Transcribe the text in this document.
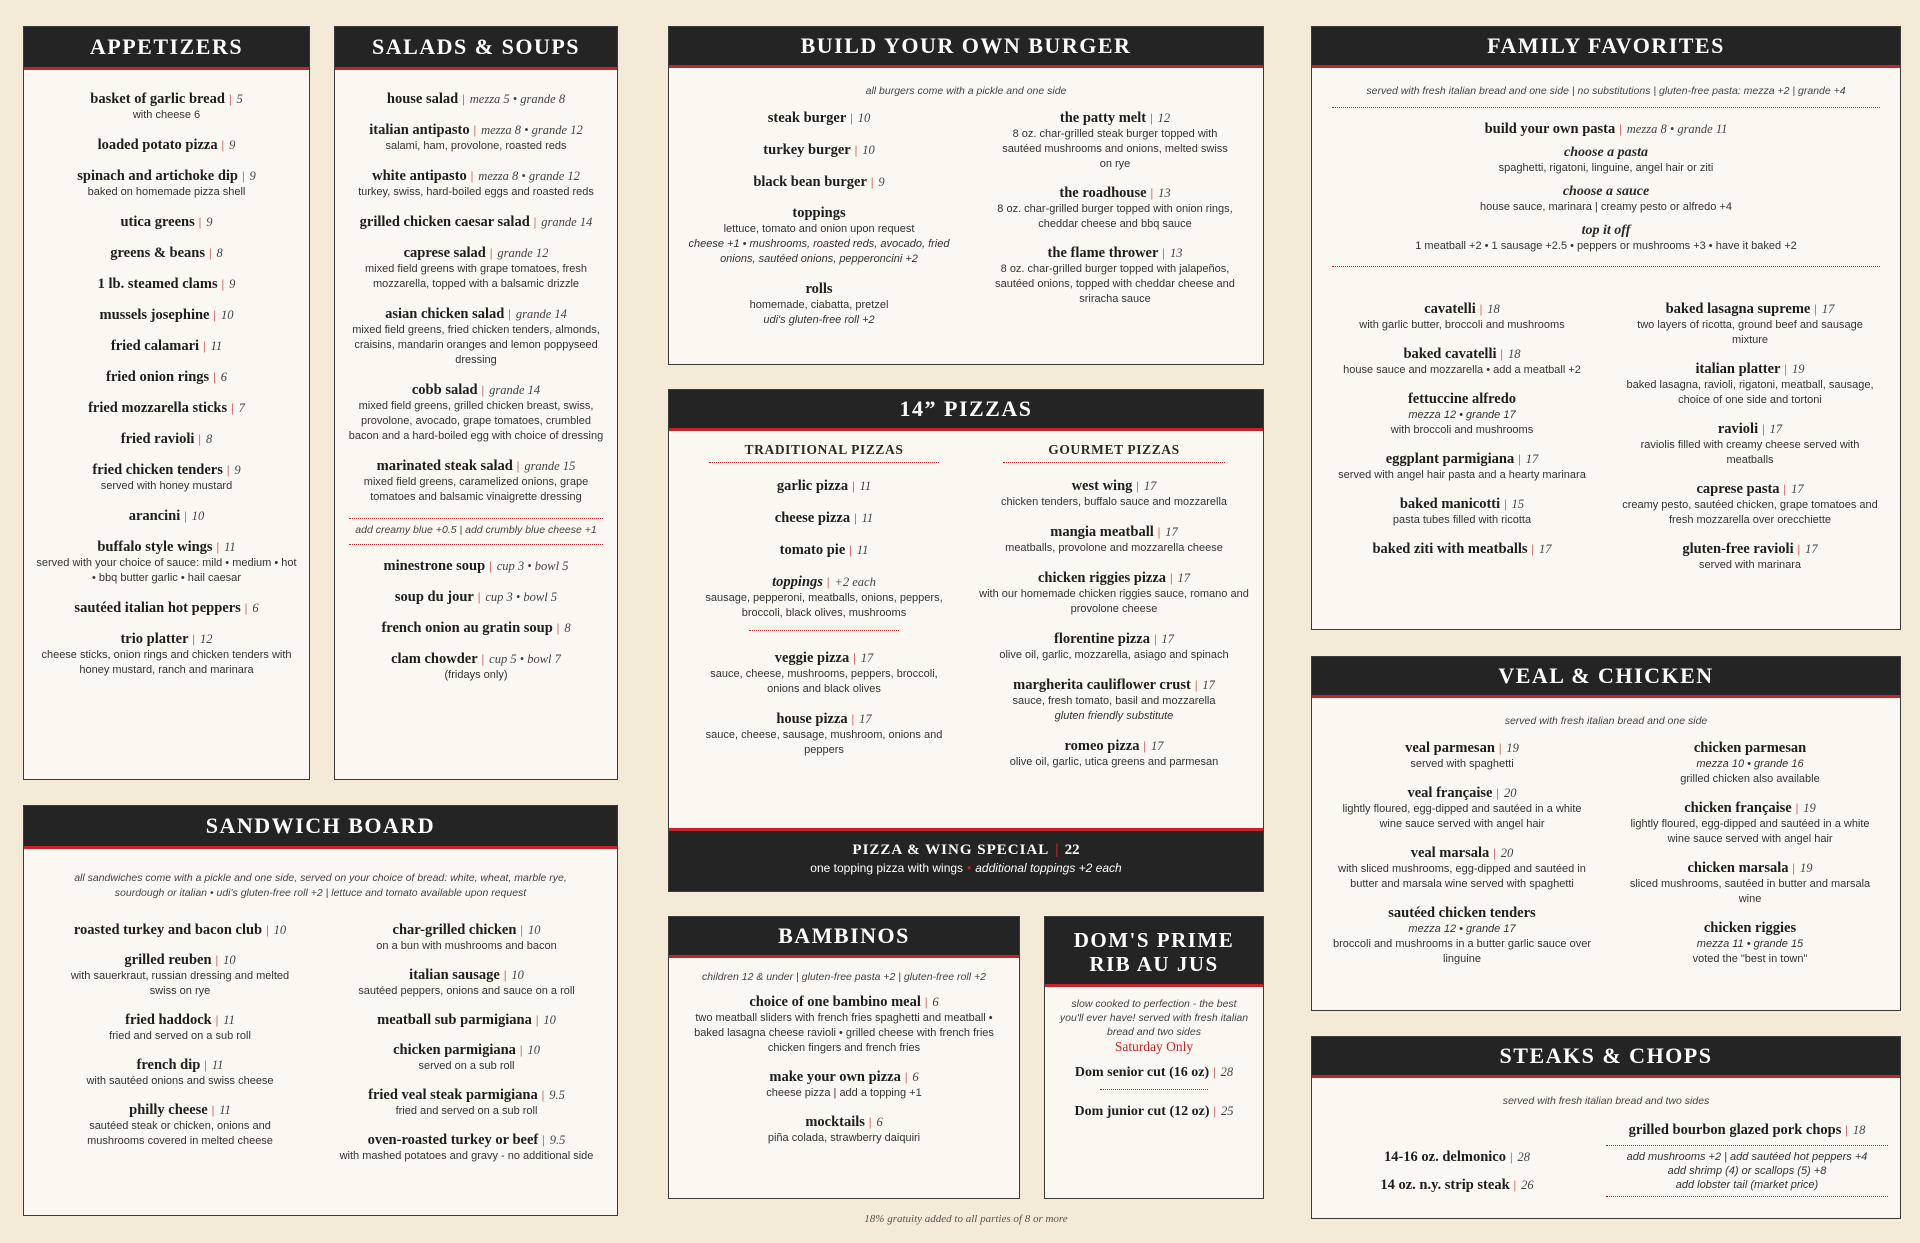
APPETIZERS
basket of garlic bread | 5
with cheese 6
loaded potato pizza | 9
spinach and artichoke dip | 9
baked on homemade pizza shell
utica greens | 9
greens & beans | 8
1 lb. steamed clams | 9
mussels josephine | 10
fried calamari | 11
fried onion rings | 6
fried mozzarella sticks | 7
fried ravioli | 8
fried chicken tenders | 9
served with honey mustard
arancini | 10
buffalo style wings | 11
served with your choice of sauce: mild • medium • hot • bbq butter garlic • hail caesar
sautéed italian hot peppers | 6
trio platter | 12
cheese sticks, onion rings and chicken tenders with honey mustard, ranch and marinara
SALADS & SOUPS
house salad | mezza 5 • grande 8
italian antipasto | mezza 8 • grande 12
salami, ham, provolone, roasted reds
white antipasto | mezza 8 • grande 12
turkey, swiss, hard-boiled eggs and roasted reds
grilled chicken caesar salad | grande 14
caprese salad | grande 12
mixed field greens with grape tomatoes, fresh mozzarella, topped with a balsamic drizzle
asian chicken salad | grande 14
mixed field greens, fried chicken tenders, almonds, craisins, mandarin oranges and lemon poppyseed dressing
cobb salad | grande 14
mixed field greens, grilled chicken breast, swiss, provolone, avocado, grape tomatoes, crumbled bacon and a hard-boiled egg with choice of dressing
marinated steak salad | grande 15
mixed field greens, caramelized onions, grape tomatoes and balsamic vinaigrette dressing
add creamy blue +0.5 | add crumbly blue cheese +1
minestrone soup | cup 3 • bowl 5
soup du jour | cup 3 • bowl 5
french onion au gratin soup | 8
clam chowder | cup 5 • bowl 7
(fridays only)
SANDWICH BOARD
all sandwiches come with a pickle and one side, served on your choice of bread: white, wheat, marble rye,
sourdough or italian • udi's gluten-free roll +2 | lettuce and tomato available upon request
roasted turkey and bacon club | 10
grilled reuben | 10
with sauerkraut, russian dressing and melted swiss on rye
fried haddock | 11
fried and served on a sub roll
french dip | 11
with sautéed onions and swiss cheese
philly cheese | 11
sautéed steak or chicken, onions and mushrooms covered in melted cheese
char-grilled chicken | 10
on a bun with mushrooms and bacon
italian sausage | 10
sautéed peppers, onions and sauce on a roll
meatball sub parmigiana | 10
chicken parmigiana | 10
served on a sub roll
fried veal steak parmigiana | 9.5
fried and served on a sub roll
oven-roasted turkey or beef | 9.5
with mashed potatoes and gravy - no additional side
BUILD YOUR OWN BURGER
all burgers come with a pickle and one side
steak burger | 10
turkey burger | 10
black bean burger | 9
toppings
lettuce, tomato and onion upon request
cheese +1 • mushrooms, roasted reds, avocado, fried onions, sautéed onions, pepperoncini +2
rolls
homemade, ciabatta, pretzel
udi's gluten-free roll +2
the patty melt | 12
8 oz. char-grilled steak burger topped with sautéed mushrooms and onions, melted swiss on rye
the roadhouse | 13
8 oz. char-grilled burger topped with onion rings, cheddar cheese and bbq sauce
the flame thrower | 13
8 oz. char-grilled burger topped with jalapeños, sautéed onions, topped with cheddar cheese and sriracha sauce
14” PIZZAS
TRADITIONAL PIZZAS
garlic pizza | 11
cheese pizza | 11
tomato pie | 11
toppings | +2 each
sausage, pepperoni, meatballs, onions, peppers, broccoli, black olives, mushrooms
veggie pizza | 17
sauce, cheese, mushrooms, peppers, broccoli, onions and black olives
house pizza | 17
sauce, cheese, sausage, mushroom, onions and peppers
GOURMET PIZZAS
west wing | 17
chicken tenders, buffalo sauce and mozzarella
mangia meatball | 17
meatballs, provolone and mozzarella cheese
chicken riggies pizza | 17
with our homemade chicken riggies sauce, romano and provolone cheese
florentine pizza | 17
olive oil, garlic, mozzarella, asiago and spinach
margherita cauliflower crust | 17
sauce, fresh tomato, basil and mozzarella
gluten friendly substitute
romeo pizza | 17
olive oil, garlic, utica greens and parmesan
PIZZA & WING SPECIAL | 22
one topping pizza with wings • additional toppings +2 each
BAMBINOS
children 12 & under | gluten-free pasta +2 | gluten-free roll +2
choice of one bambino meal | 6
two meatball sliders with french fries spaghetti and meatball • baked lasagna cheese ravioli • grilled cheese with french fries chicken fingers and french fries
make your own pizza | 6
cheese pizza | add a topping +1
mocktails | 6
piña colada, strawberry daiquiri
DOM'S PRIME
RIB AU JUS
slow cooked to perfection - the best you'll ever have! served with fresh italian bread and two sides
Saturday Only
Dom senior cut (16 oz) | 28
Dom junior cut (12 oz) | 25
FAMILY FAVORITES
served with fresh italian bread and one side | no substitutions | gluten-free pasta: mezza +2 | grande +4
build your own pasta | mezza 8 • grande 11
choose a pasta
spaghetti, rigatoni, linguine, angel hair or ziti
choose a sauce
house sauce, marinara | creamy pesto or alfredo +4
top it off
1 meatball +2 • 1 sausage +2.5 • peppers or mushrooms +3 • have it baked +2
cavatelli | 18
with garlic butter, broccoli and mushrooms
baked cavatelli | 18
house sauce and mozzarella • add a meatball +2
fettuccine alfredo
mezza 12 • grande 17
with broccoli and mushrooms
eggplant parmigiana | 17
served with angel hair pasta and a hearty marinara
baked manicotti | 15
pasta tubes filled with ricotta
baked ziti with meatballs | 17
baked lasagna supreme | 17
two layers of ricotta, ground beef and sausage mixture
italian platter | 19
baked lasagna, ravioli, rigatoni, meatball, sausage, choice of one side and tortoni
ravioli | 17
raviolis filled with creamy cheese served with meatballs
caprese pasta | 17
creamy pesto, sautéed chicken, grape tomatoes and fresh mozzarella over orecchiette
gluten-free ravioli | 17
served with marinara
VEAL & CHICKEN
served with fresh italian bread and one side
veal parmesan | 19
served with spaghetti
veal française | 20
lightly floured, egg-dipped and sautéed in a white wine sauce served with angel hair
veal marsala | 20
with sliced mushrooms, egg-dipped and sautéed in butter and marsala wine served with spaghetti
sautéed chicken tenders
mezza 12 • grande 17
broccoli and mushrooms in a butter garlic sauce over linguine
chicken parmesan
mezza 10 • grande 16
grilled chicken also available
chicken française | 19
lightly floured, egg-dipped and sautéed in a white wine sauce served with angel hair
chicken marsala | 19
sliced mushrooms, sautéed in butter and marsala wine
chicken riggies
mezza 11 • grande 15
voted the "best in town"
STEAKS & CHOPS
served with fresh italian bread and two sides
14-16 oz. delmonico | 28
14 oz. n.y. strip steak | 26
grilled bourbon glazed pork chops | 18
add mushrooms +2 | add sautéed hot peppers +4
add shrimp (4) or scallops (5) +8
add lobster tail (market price)
18% gratuity added to all parties of 8 or more
